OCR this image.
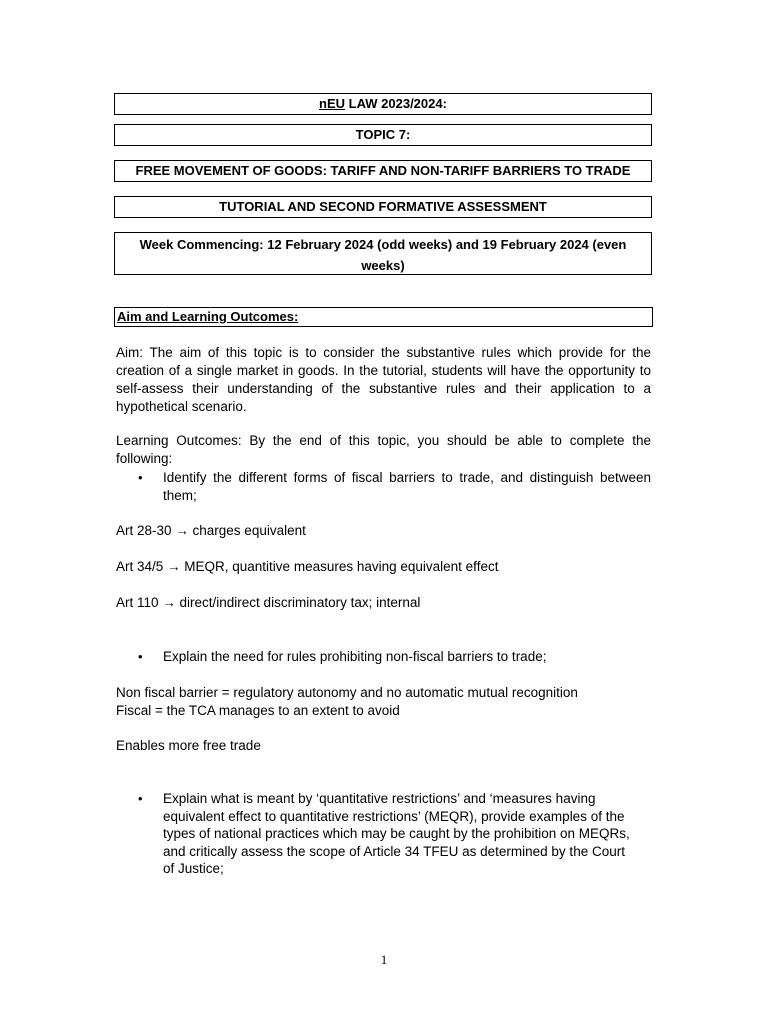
nEU LAW 2023/2024:
TOPIC 7:
FREE MOVEMENT OF GOODS: TARIFF AND NON-TARIFF BARRIERS TO TRADE
TUTORIAL AND SECOND FORMATIVE ASSESSMENT
Week Commencing: 12 February 2024 (odd weeks) and 19 February 2024 (even weeks)
Aim and Learning Outcomes:
Aim: The aim of this topic is to consider the substantive rules which provide for the creation of a single market in goods. In the tutorial, students will have the opportunity to self-assess their understanding of the substantive rules and their application to a hypothetical scenario.
Learning Outcomes: By the end of this topic, you should be able to complete the following:
• Identify the different forms of fiscal barriers to trade, and distinguish between them;
Art 28-30 → charges equivalent
Art 34/5 → MEQR, quantitive measures having equivalent effect
Art 110 → direct/indirect discriminatory tax; internal
• Explain the need for rules prohibiting non-fiscal barriers to trade;
Non fiscal barrier = regulatory autonomy and no automatic mutual recognition
Fiscal = the TCA manages to an extent to avoid
Enables more free trade
• Explain what is meant by ‘quantitative restrictions’ and ‘measures having equivalent effect to quantitative restrictions’ (MEQR), provide examples of the types of national practices which may be caught by the prohibition on MEQRs, and critically assess the scope of Article 34 TFEU as determined by the Court of Justice;
1
